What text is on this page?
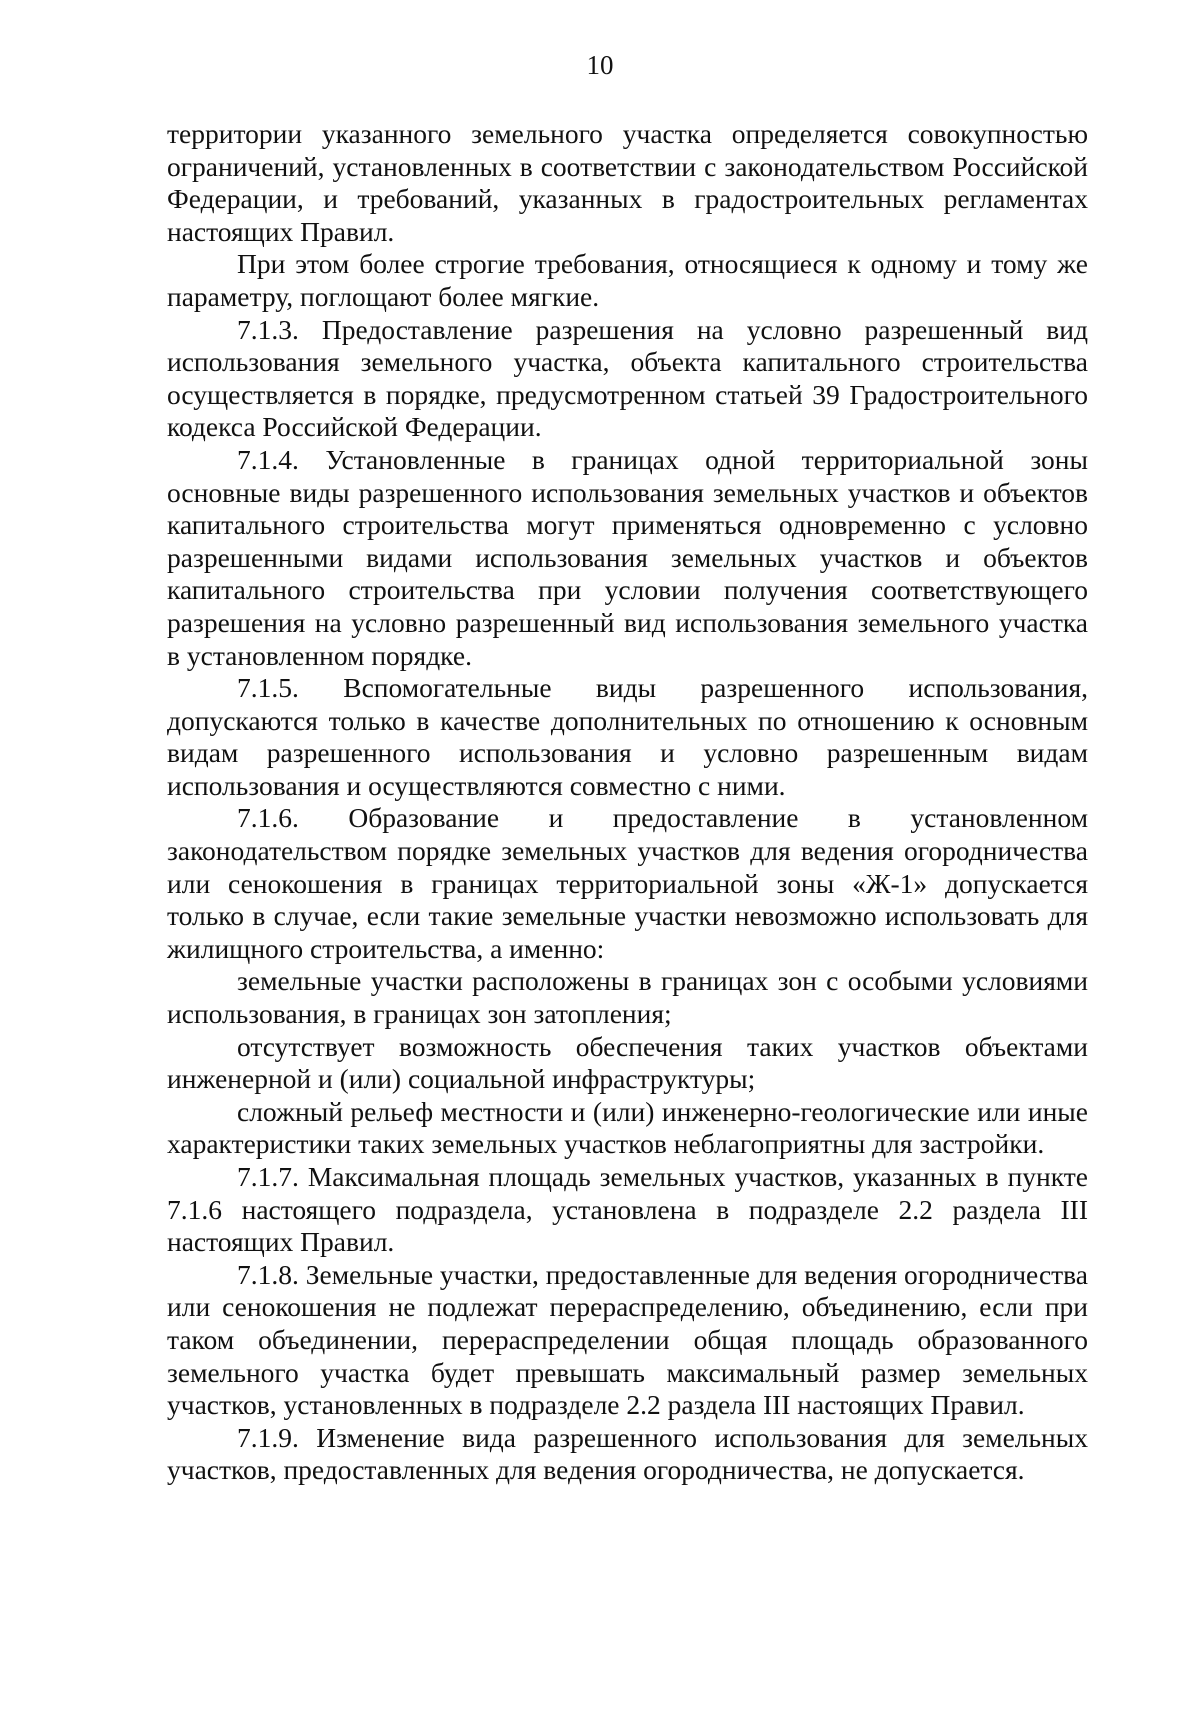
10

территории указанного земельного участка определяется совокупностью ограничений, установленных в соответствии с законодательством Российской Федерации, и требований, указанных в градостроительных регламентах настоящих Правил.

При этом более строгие требования, относящиеся к одному и тому же параметру, поглощают более мягкие.

7.1.3. Предоставление разрешения на условно разрешенный вид использования земельного участка, объекта капитального строительства осуществляется в порядке, предусмотренном статьей 39 Градостроительного кодекса Российской Федерации.

7.1.4. Установленные в границах одной территориальной зоны основные виды разрешенного использования земельных участков и объектов капитального строительства могут применяться одновременно с условно разрешенными видами использования земельных участков и объектов капитального строительства при условии получения соответствующего разрешения на условно разрешенный вид использования земельного участка в установленном порядке.

7.1.5. Вспомогательные виды разрешенного использования, допускаются только в качестве дополнительных по отношению к основным видам разрешенного использования и условно разрешенным видам использования и осуществляются совместно с ними.

7.1.6. Образование и предоставление в установленном законодательством порядке земельных участков для ведения огородничества или сенокошения в границах территориальной зоны «Ж-1» допускается только в случае, если такие земельные участки невозможно использовать для жилищного строительства, а именно:

земельные участки расположены в границах зон с особыми условиями использования, в границах зон затопления;

отсутствует возможность обеспечения таких участков объектами инженерной и (или) социальной инфраструктуры;

сложный рельеф местности и (или) инженерно-геологические или иные характеристики таких земельных участков неблагоприятны для застройки.

7.1.7. Максимальная площадь земельных участков, указанных в пункте 7.1.6 настоящего подраздела, установлена в подразделе 2.2 раздела III настоящих Правил.

7.1.8. Земельные участки, предоставленные для ведения огородничества или сенокошения не подлежат перераспределению, объединению, если при таком объединении, перераспределении общая площадь образованного земельного участка будет превышать максимальный размер земельных участков, установленных в подразделе 2.2 раздела III настоящих Правил.

7.1.9. Изменение вида разрешенного использования для земельных участков, предоставленных для ведения огородничества, не допускается.
